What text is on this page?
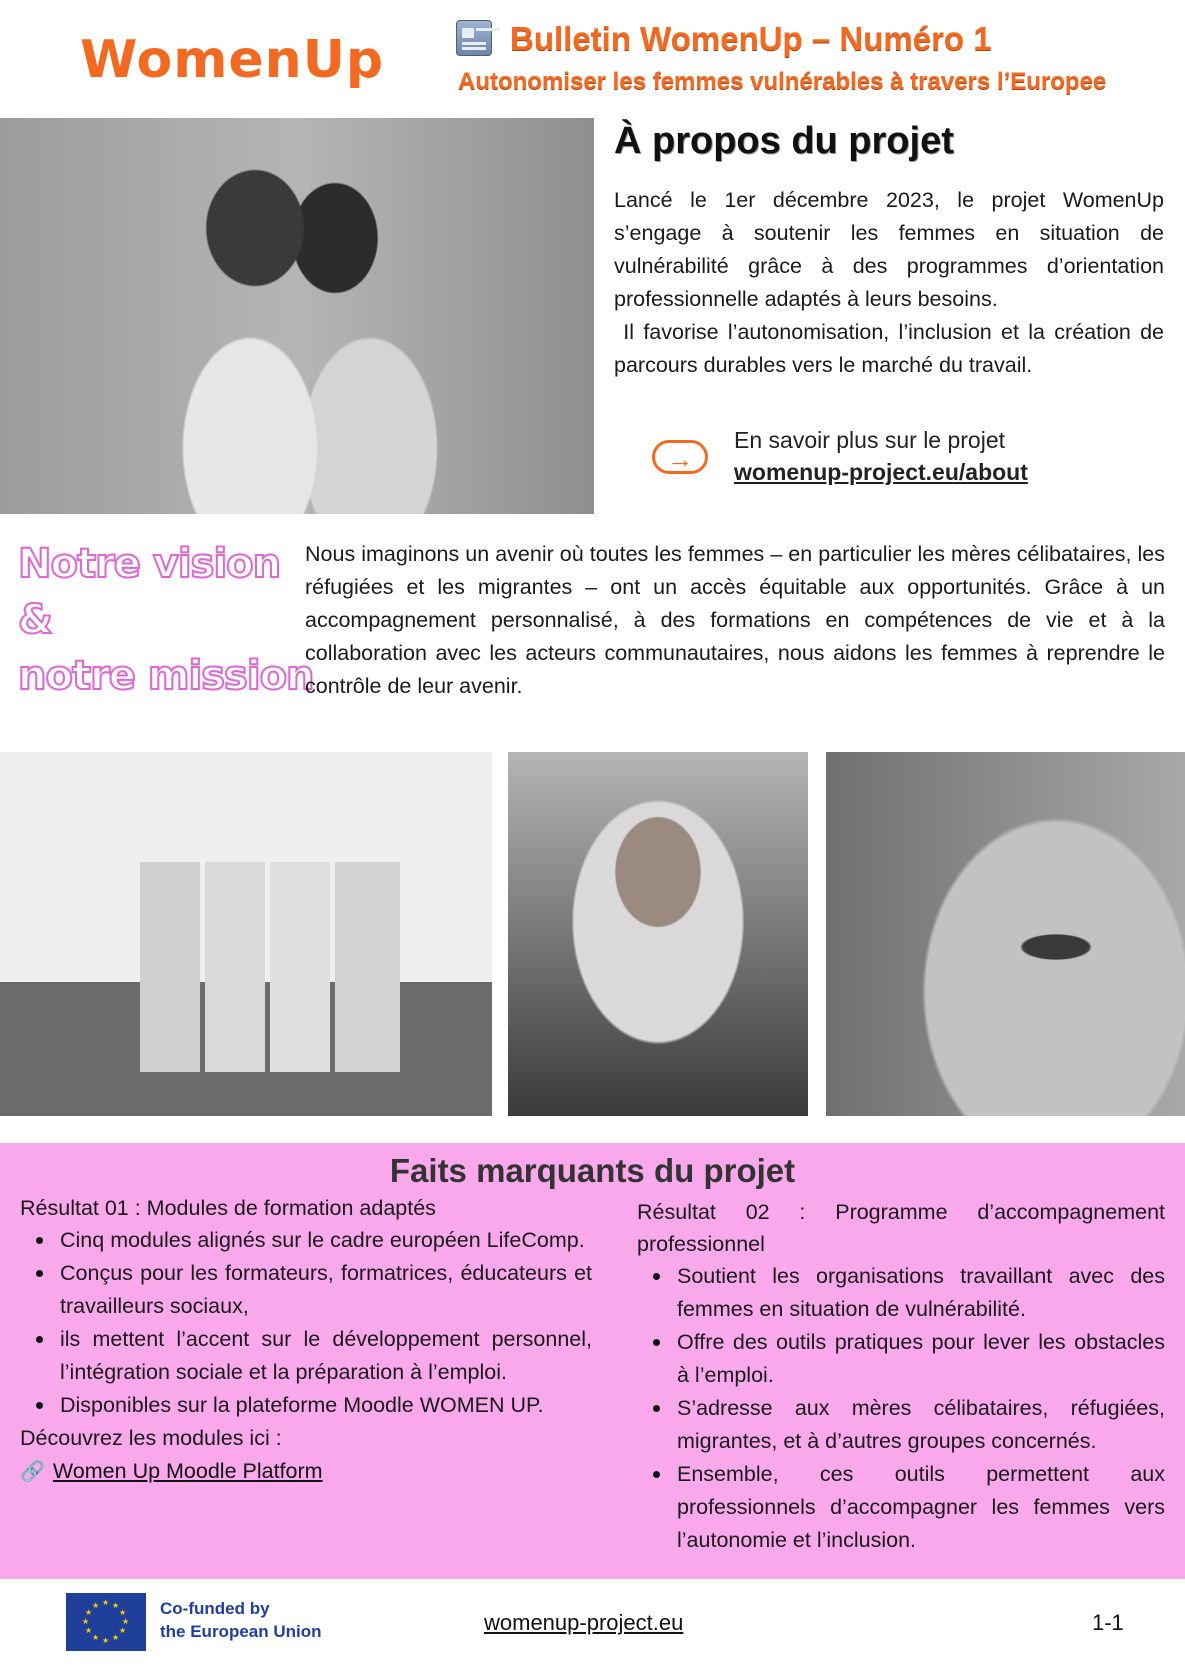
WomenUp	Bulletin WomenUp – Numéro 1
Autonomiser les femmes vulnérables à travers l’Europee
À propos du projet

Lancé le 1er décembre 2023, le projet WomenUp s’engage à soutenir les femmes en situation de vulnérabilité grâce à des programmes d’orientation professionnelle adaptés à leurs besoins.

Il favorise l’autonomisation, l’inclusion et la création de parcours durables vers le marché du travail.

→
En savoir plus sur le projet
womenup-project.eu/about
Notre vision
&
notre mission
Nous imaginons un avenir où toutes les femmes – en particulier les mères célibataires, les réfugiées et les migrantes – ont un accès équitable aux opportunités. Grâce à un accompagnement personnalisé, à des formations en compétences de vie et à la collaboration avec les acteurs communautaires, nous aidons les femmes à reprendre le contrôle de leur avenir.
Faits marquants du projet
Résultat 01 : Modules de formation adaptés
Cinq modules alignés sur le cadre européen LifeComp.
Conçus pour les formateurs, formatrices, éducateurs et travailleurs sociaux,
ils mettent l’accent sur le développement personnel, l’intégration sociale et la préparation à l’emploi.
Disponibles sur la plateforme Moodle WOMEN UP.
Découvrez les modules ici :
🔗 Women Up Moodle Platform
Résultat 02 : Programme d’accompagnement professionnel
Soutient les organisations travaillant avec des femmes en situation de vulnérabilité.
Offre des outils pratiques pour lever les obstacles à l’emploi.
S’adresse aux mères célibataires, réfugiées, migrantes, et à d’autres groupes concernés.
Ensemble, ces outils permettent aux professionnels d’accompagner les femmes vers l’autonomie et l’inclusion.
★ ★
★
★
★
★
★
★
★
★
★
★	Co-funded by
the European Union	womenup-project.eu	1-1
